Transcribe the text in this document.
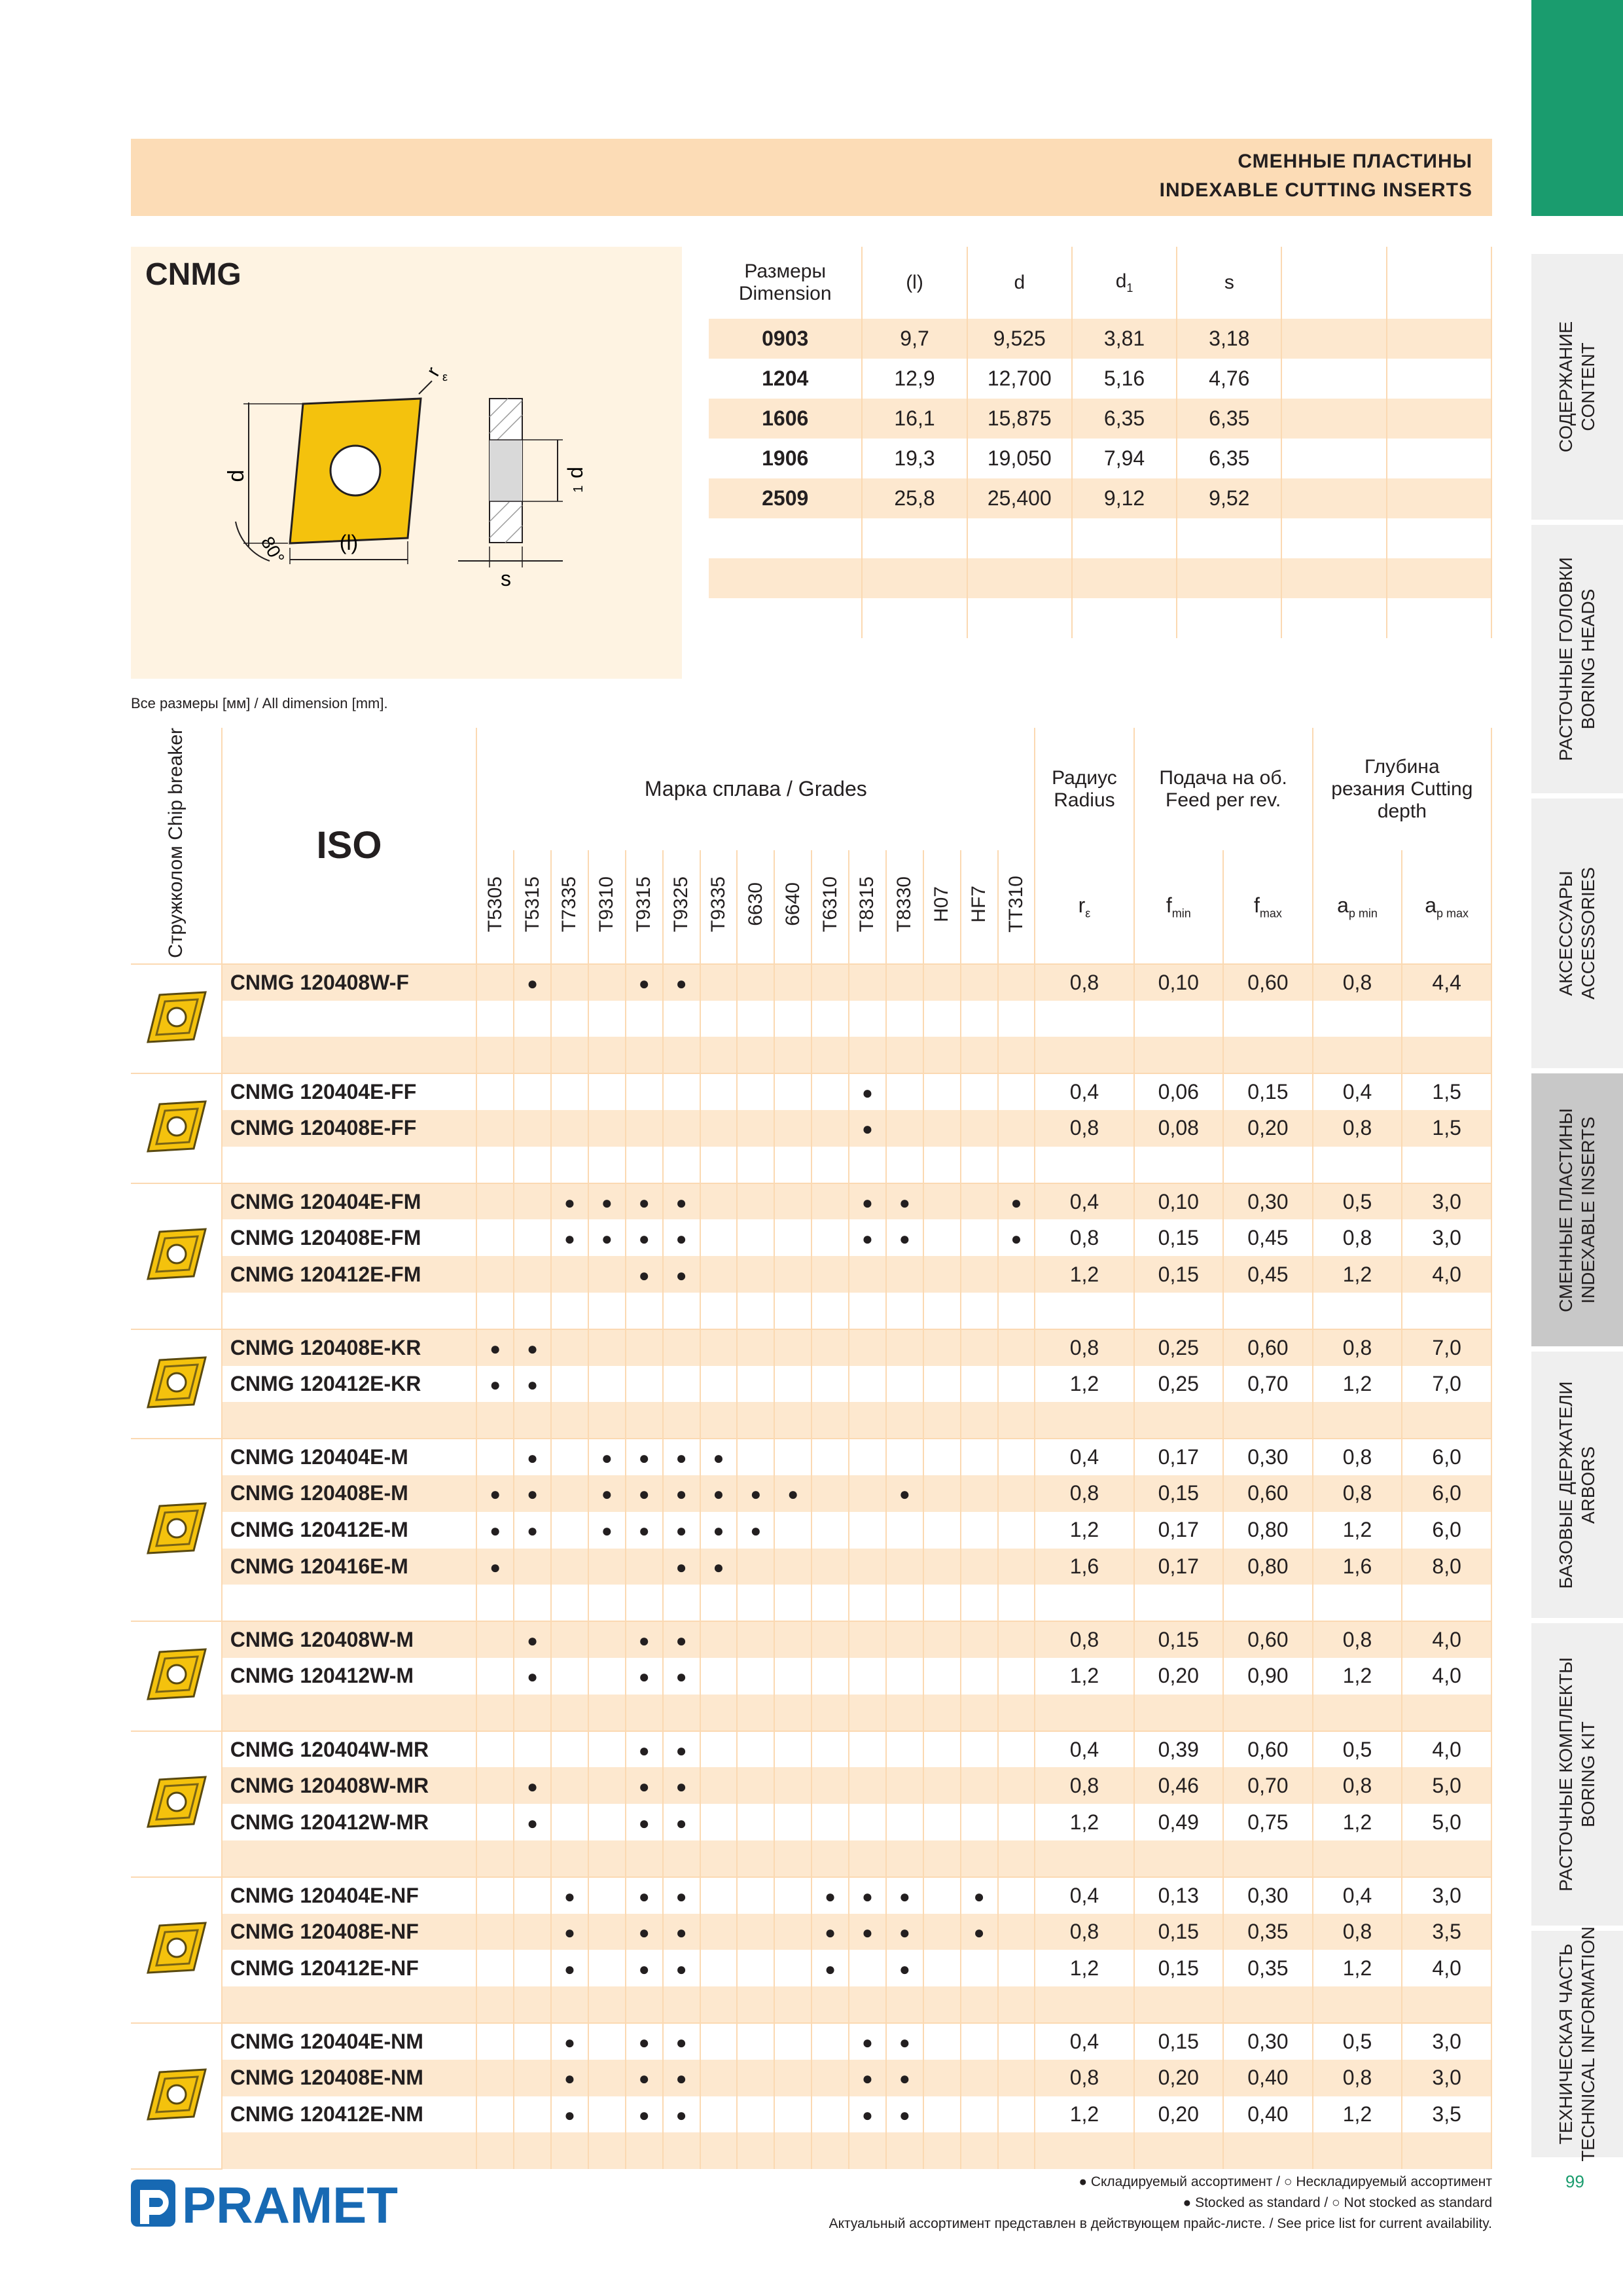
СМЕННЫЕ ПЛАСТИНЫ
INDEXABLE CUTTING INSERTS
СОДЕРЖАНИЕ CONTENT
РАСТОЧНЫЕ ГОЛОВКИ BORING HEADS
АКСЕССУАРЫ ACCESSORIES
СМЕННЫЕ ПЛАСТИНЫ INDEXABLE INSERTS
БАЗОВЫЕ ДЕРЖАТЕЛИ ARBORS
РАСТОЧНЫЕ КОМПЛЕКТЫ BORING KIT
ТЕХНИЧЕСКАЯ ЧАСТЬ TECHNICAL INFORMATION
d
(l)
s
d
1
r
ε
80°
CNMG	Размеры Dimension	(l)	d	$d_1$	s		
0903	9,7	9,525	3,81	3,18		
1204	12,9	12,700	5,16	4,76		
1606	16,1	15,875	6,35	6,35		
1906	19,3	19,050	7,94	6,35		
2509	25,8	25,400	9,12	9,52		

Все размеры [мм] / All dimension [mm].
Стружколом Chip breaker	ISO	Марка сплава / Grades															Радиус Radius	Подача на об. Feed per rev.		Глубина резания Cutting depth	
		T5305	T5315	T7335	T9310	T9315	T9325	T9335	6630	6640	T6310	T8315	T8330	H07	HF7	TT310	$r_\varepsilon$	$f_{min}$	$f_{max}$	$a_{p min}$	$a_{p max}$
	CNMG 120408W-F		●			●	●										0,8	0,10	0,60	0,8	4,4

	CNMG 120404E-FF											●					0,4	0,06	0,15	0,4	1,5
	CNMG 120408E-FF											●					0,8	0,08	0,20	0,8	1,5

	CNMG 120404E-FM			●	●	●	●					●	●			●	0,4	0,10	0,30	0,5	3,0
	CNMG 120408E-FM			●	●	●	●					●	●			●	0,8	0,15	0,45	0,8	3,0
	CNMG 120412E-FM					●	●										1,2	0,15	0,45	1,2	4,0

	CNMG 120408E-KR	●	●														0,8	0,25	0,60	0,8	7,0
	CNMG 120412E-KR	●	●														1,2	0,25	0,70	1,2	7,0

	CNMG 120404E-M		●		●	●	●	●									0,4	0,17	0,30	0,8	6,0
	CNMG 120408E-M	●	●		●	●	●	●	●	●			●				0,8	0,15	0,60	0,8	6,0
	CNMG 120412E-M	●	●		●	●	●	●	●								1,2	0,17	0,80	1,2	6,0
	CNMG 120416E-M	●					●	●									1,6	0,17	0,80	1,6	8,0

	CNMG 120408W-M		●			●	●										0,8	0,15	0,60	0,8	4,0
	CNMG 120412W-M		●			●	●										1,2	0,20	0,90	1,2	4,0

	CNMG 120404W-MR					●	●										0,4	0,39	0,60	0,5	4,0
	CNMG 120408W-MR		●			●	●										0,8	0,46	0,70	0,8	5,0
	CNMG 120412W-MR		●			●	●										1,2	0,49	0,75	1,2	5,0

	CNMG 120404E-NF			●		●	●				●	●	●		●		0,4	0,13	0,30	0,4	3,0
	CNMG 120408E-NF			●		●	●				●	●	●		●		0,8	0,15	0,35	0,8	3,5
	CNMG 120412E-NF			●		●	●				●		●				1,2	0,15	0,35	1,2	4,0

	CNMG 120404E-NM			●		●	●					●	●				0,4	0,15	0,30	0,5	3,0
	CNMG 120408E-NM			●		●	●					●	●				0,8	0,20	0,40	0,8	3,0
	CNMG 120412E-NM			●		●	●					●	●				1,2	0,20	0,40	1,2	3,5

PRAMET	● Складируемый ассортимент / ○ Нескладируемый ассортимент
● Stocked as standard / ○ Not stocked as standard
Актуальный ассортимент представлен в действующем прайс-листе. / See price list for current availability.
99
